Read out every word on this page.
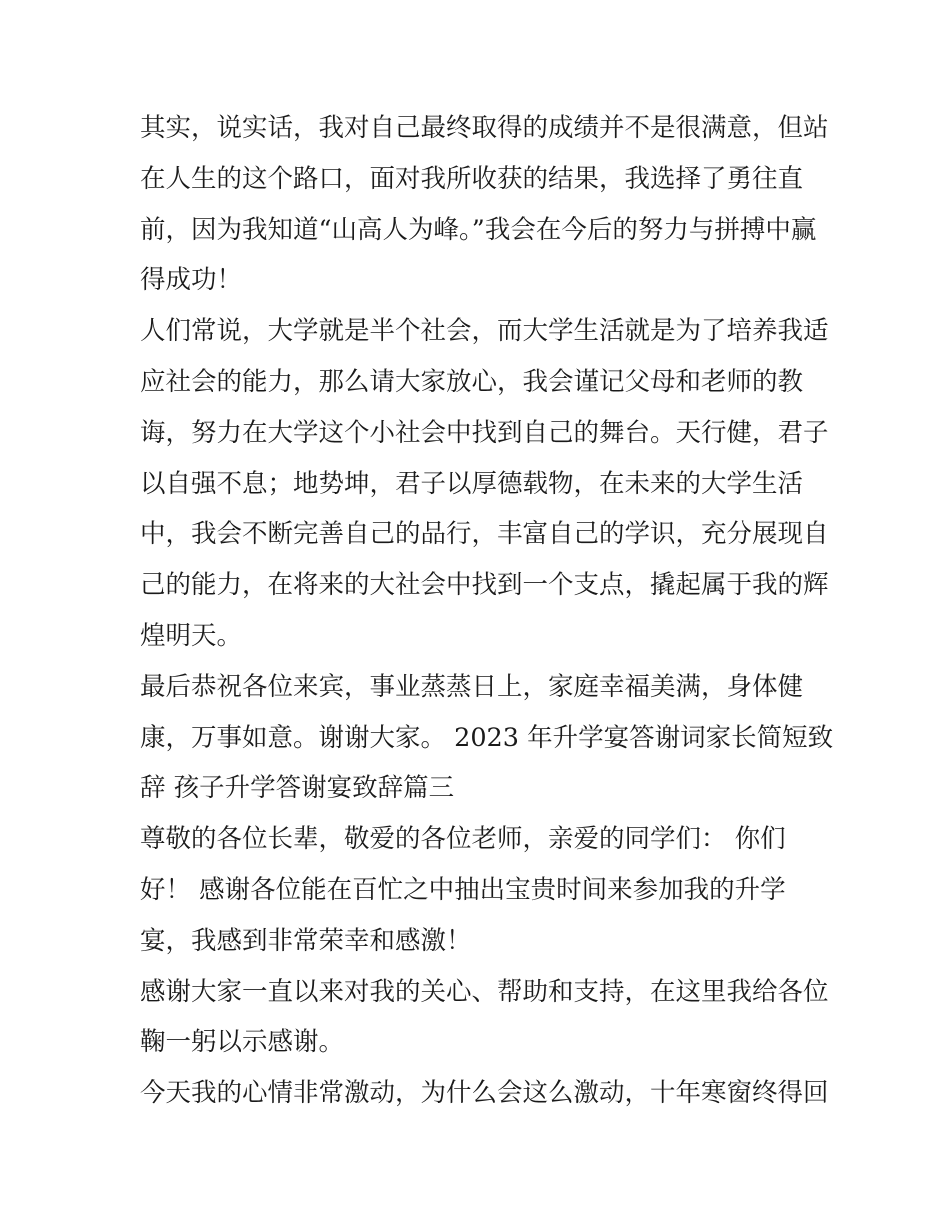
其实，说实话，我对自己最终取得的成绩并不是很满意，但站
在人生的这个路口，面对我所收获的结果，我选择了勇往直
前，因为我知道“山高人为峰。”我会在今后的努力与拼搏中赢
得成功！
人们常说，大学就是半个社会，而大学生活就是为了培养我适
应社会的能力，那么请大家放心，我会谨记父母和老师的教
诲，努力在大学这个小社会中找到自己的舞台。天行健，君子
以自强不息；地势坤，君子以厚德载物，在未来的大学生活
中，我会不断完善自己的品行，丰富自己的学识，充分展现自
己的能力，在将来的大社会中找到一个支点，撬起属于我的辉
煌明天。
最后恭祝各位来宾，事业蒸蒸日上，家庭幸福美满，身体健
康，万事如意。谢谢大家。 2023 年升学宴答谢词家长简短致
辞 孩子升学答谢宴致辞篇三
尊敬的各位长辈，敬爱的各位老师，亲爱的同学们： 你们
好！ 感谢各位能在百忙之中抽出宝贵时间来参加我的升学
宴，我感到非常荣幸和感激！
感谢大家一直以来对我的关心、帮助和支持，在这里我给各位
鞠一躬以示感谢。
今天我的心情非常激动，为什么会这么激动，十年寒窗终得回
